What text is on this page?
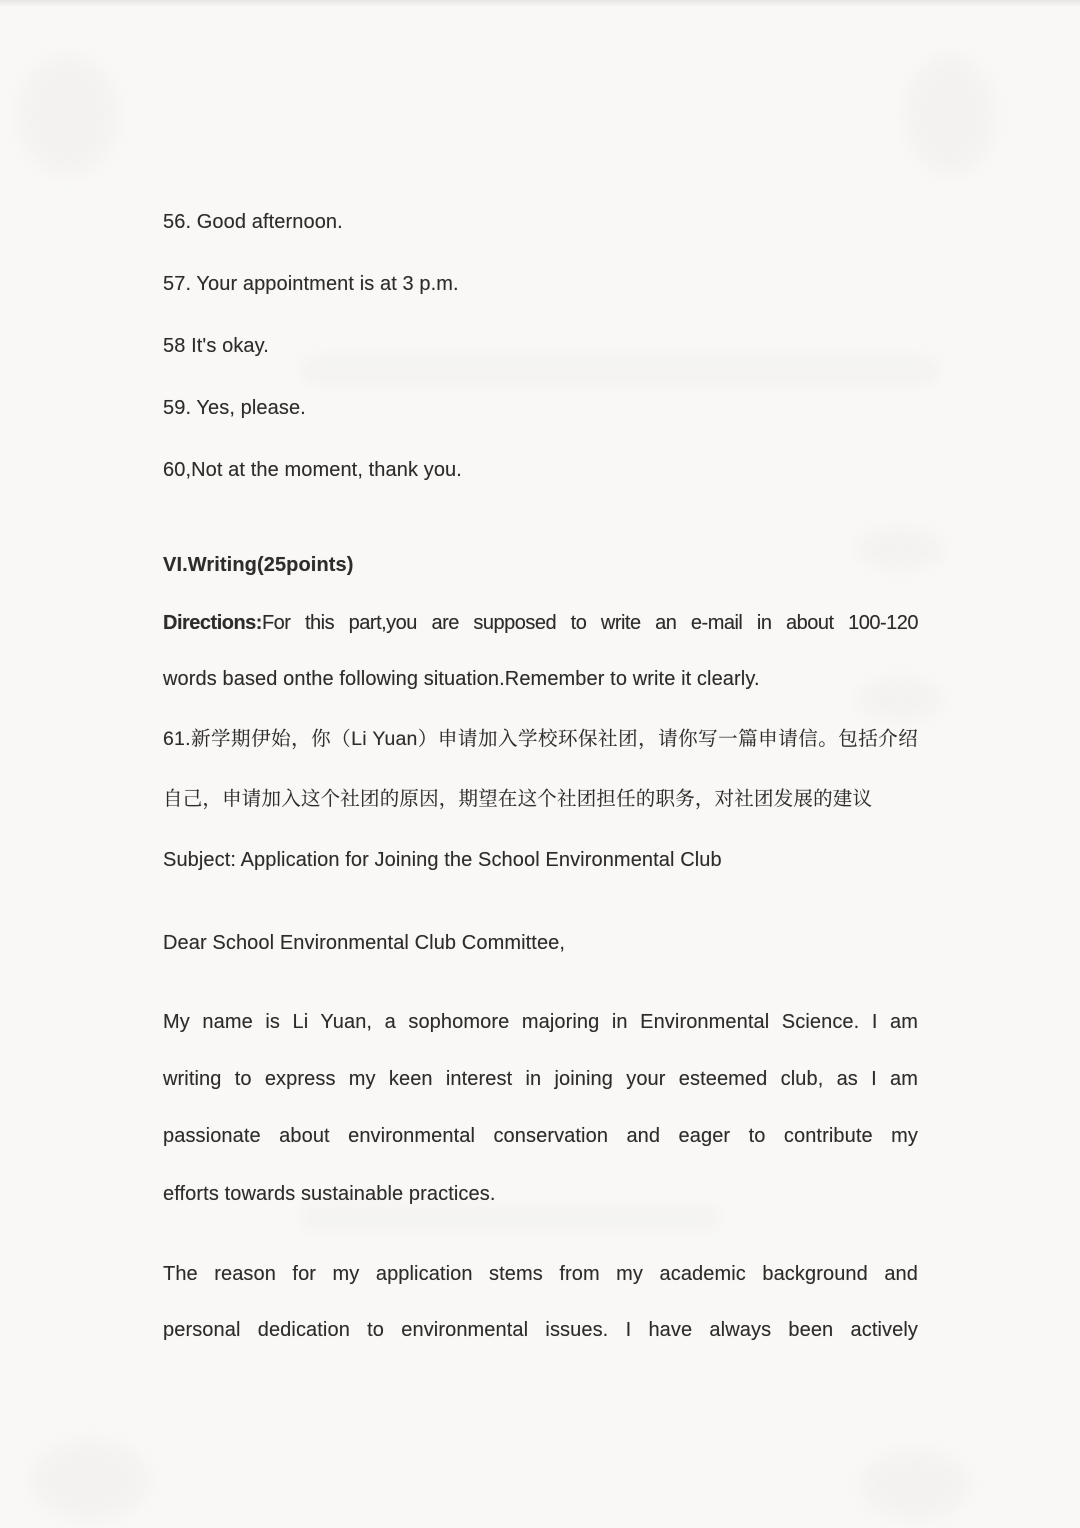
56. Good afternoon.
57. Your appointment is at 3 p.m.
58 It's okay.
59. Yes, please.
60,Not at the moment, thank you.
VI.Writing(25points)
Directions:For this part,you are supposed to write an e-mail in about 100-120
words based onthe following situation.Remember to write it clearly.
61.新学期伊始，你（Li Yuan）申请加入学校环保社团，请你写一篇申请信。包括介绍
自己，申请加入这个社团的原因，期望在这个社团担任的职务，对社团发展的建议
Subject: Application for Joining the School Environmental Club
Dear School Environmental Club Committee,
My name is Li Yuan, a sophomore majoring in Environmental Science. I am
writing to express my keen interest in joining your esteemed club, as I am
passionate about environmental conservation and eager to contribute my
efforts towards sustainable practices.
The reason for my application stems from my academic background and
personal dedication to environmental issues. I have always been actively
